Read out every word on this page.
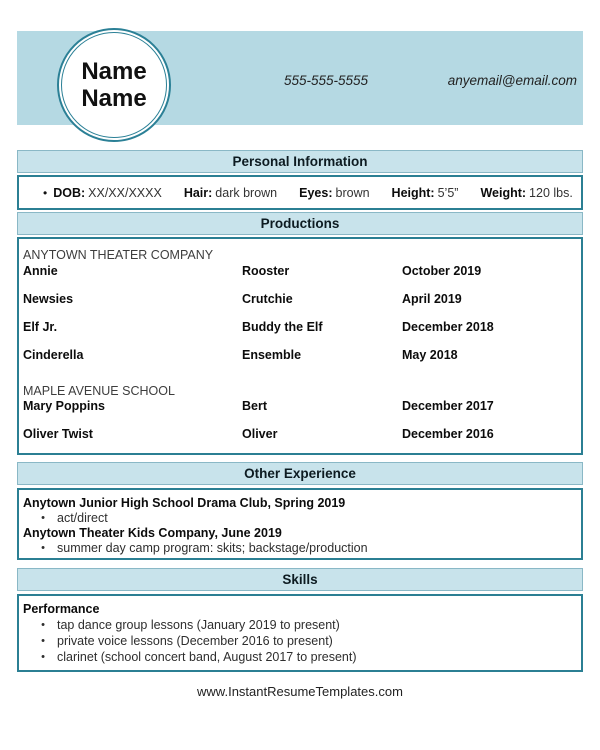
Name
Name
555-555-5555	anyemail@email.com
Personal Information
• DOB: XX/XX/XXXX Hair: dark brown Eyes: brown Height: 5’5” Weight: 120 lbs.
Productions
ANYTOWN THEATER COMPANY
Annie	Rooster	October 2019
Newsies	Crutchie	April 2019
Elf Jr.	Buddy the Elf	December 2018
Cinderella	Ensemble	May 2018
MAPLE AVENUE SCHOOL
Mary Poppins	Bert	December 2017
Oliver Twist	Oliver	December 2016
Other Experience
Anytown Junior High School Drama Club, Spring 2019
• act/direct
Anytown Theater Kids Company, June 2019
• summer day camp program: skits; backstage/production
Skills
Performance
• tap dance group lessons (January 2019 to present)
• private voice lessons (December 2016 to present)
• clarinet (school concert band, August 2017 to present)
www.InstantResumeTemplates.com
